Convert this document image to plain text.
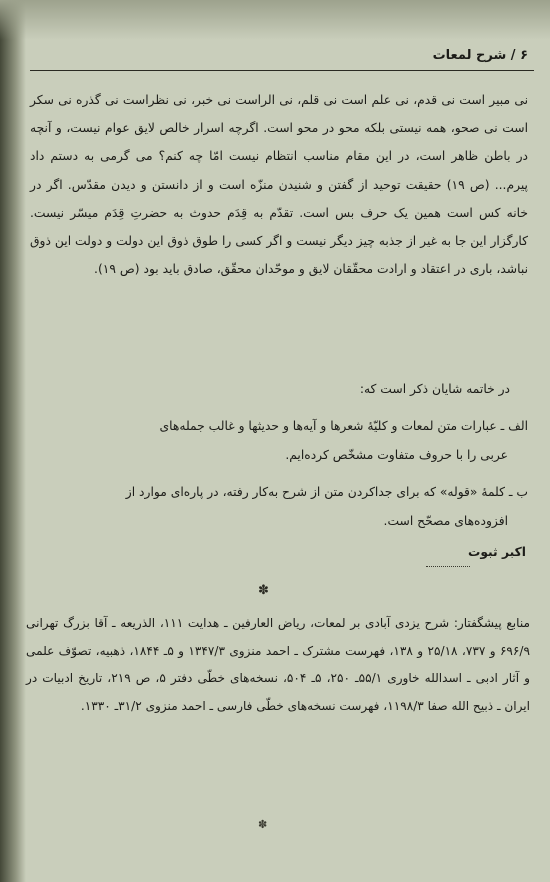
۶ / شرح لمعات

نی مبیر است نی قدم، نی علم است نی قلم، نی الراست نی خبر، نی نظراست نی گذره نی سکر است نی صحو، همه نیستی بلکه محو در محو است. اگرچه اسرار خالص لایق عوام نیست، و آنچه در باطن ظاهر است، در این مقام مناسب انتظام نیست امّا چه کنم؟ می گرمی به دستم داد پیرم... (ص ۱۹) حقیقت توحید از گفتن و شنیدن منزّه است و از دانستن و دیدن مقدّس. اگر در خانه کس است همین یک حرف بس است. تقدّم به قِدَم حدوث به حضرتِ قِدَم میسّر نیست. کارگزار این جا به غیر از جذبه چیز دیگر نیست و اگر کسی را طوق ذوق این دولت و دولت این ذوق نباشد، باری در اعتقاد و ارادت محقّقان لایق و موحّدان محقّق، صادق باید بود (ص ۱۹).

در خاتمه شایان ذکر است که:
الف ـ عبارات متن لمعات و کلیّهٔ شعرها و آیه‌ها و حدیثها و غالب جمله‌های
عربی را با حروف متفاوت مشخّص کرده‌ایم.
ب ـ کلمهٔ «قوله» که برای جداکردن متن از شرح به‌کار رفته، در پاره‌ای موارد از
افزوده‌های مصحّح است.
اکبر ثبوت
✽
منابع پیشگفتار: شرح یزدی آبادی بر لمعات، ریاض العارفین ـ هدایت ۱۱۱، الذریعه ـ آقا بزرگ تهرانی ۶۹۶/۹ و ۷۳۷، ۲۵/۱۸ و ۱۳۸، فهرست مشترک ـ احمد منزوی ۱۳۴۷/۳ و ۵ـ ۱۸۴۴، ذهبیه، تصوّف علمی و آثار ادبی ـ اسدالله خاوری ۵۵/۱ـ ۲۵۰، ۵ـ ۵۰۴، نسخه‌های خطّی دفتر ۵، ص ۲۱۹، تاریخ ادبیات در ایران ـ ذبیح الله صفا ۱۱۹۸/۳، فهرست نسخه‌های خطّی فارسی ـ احمد منزوی ۳۱/۲ـ ۱۳۳۰.
✽
